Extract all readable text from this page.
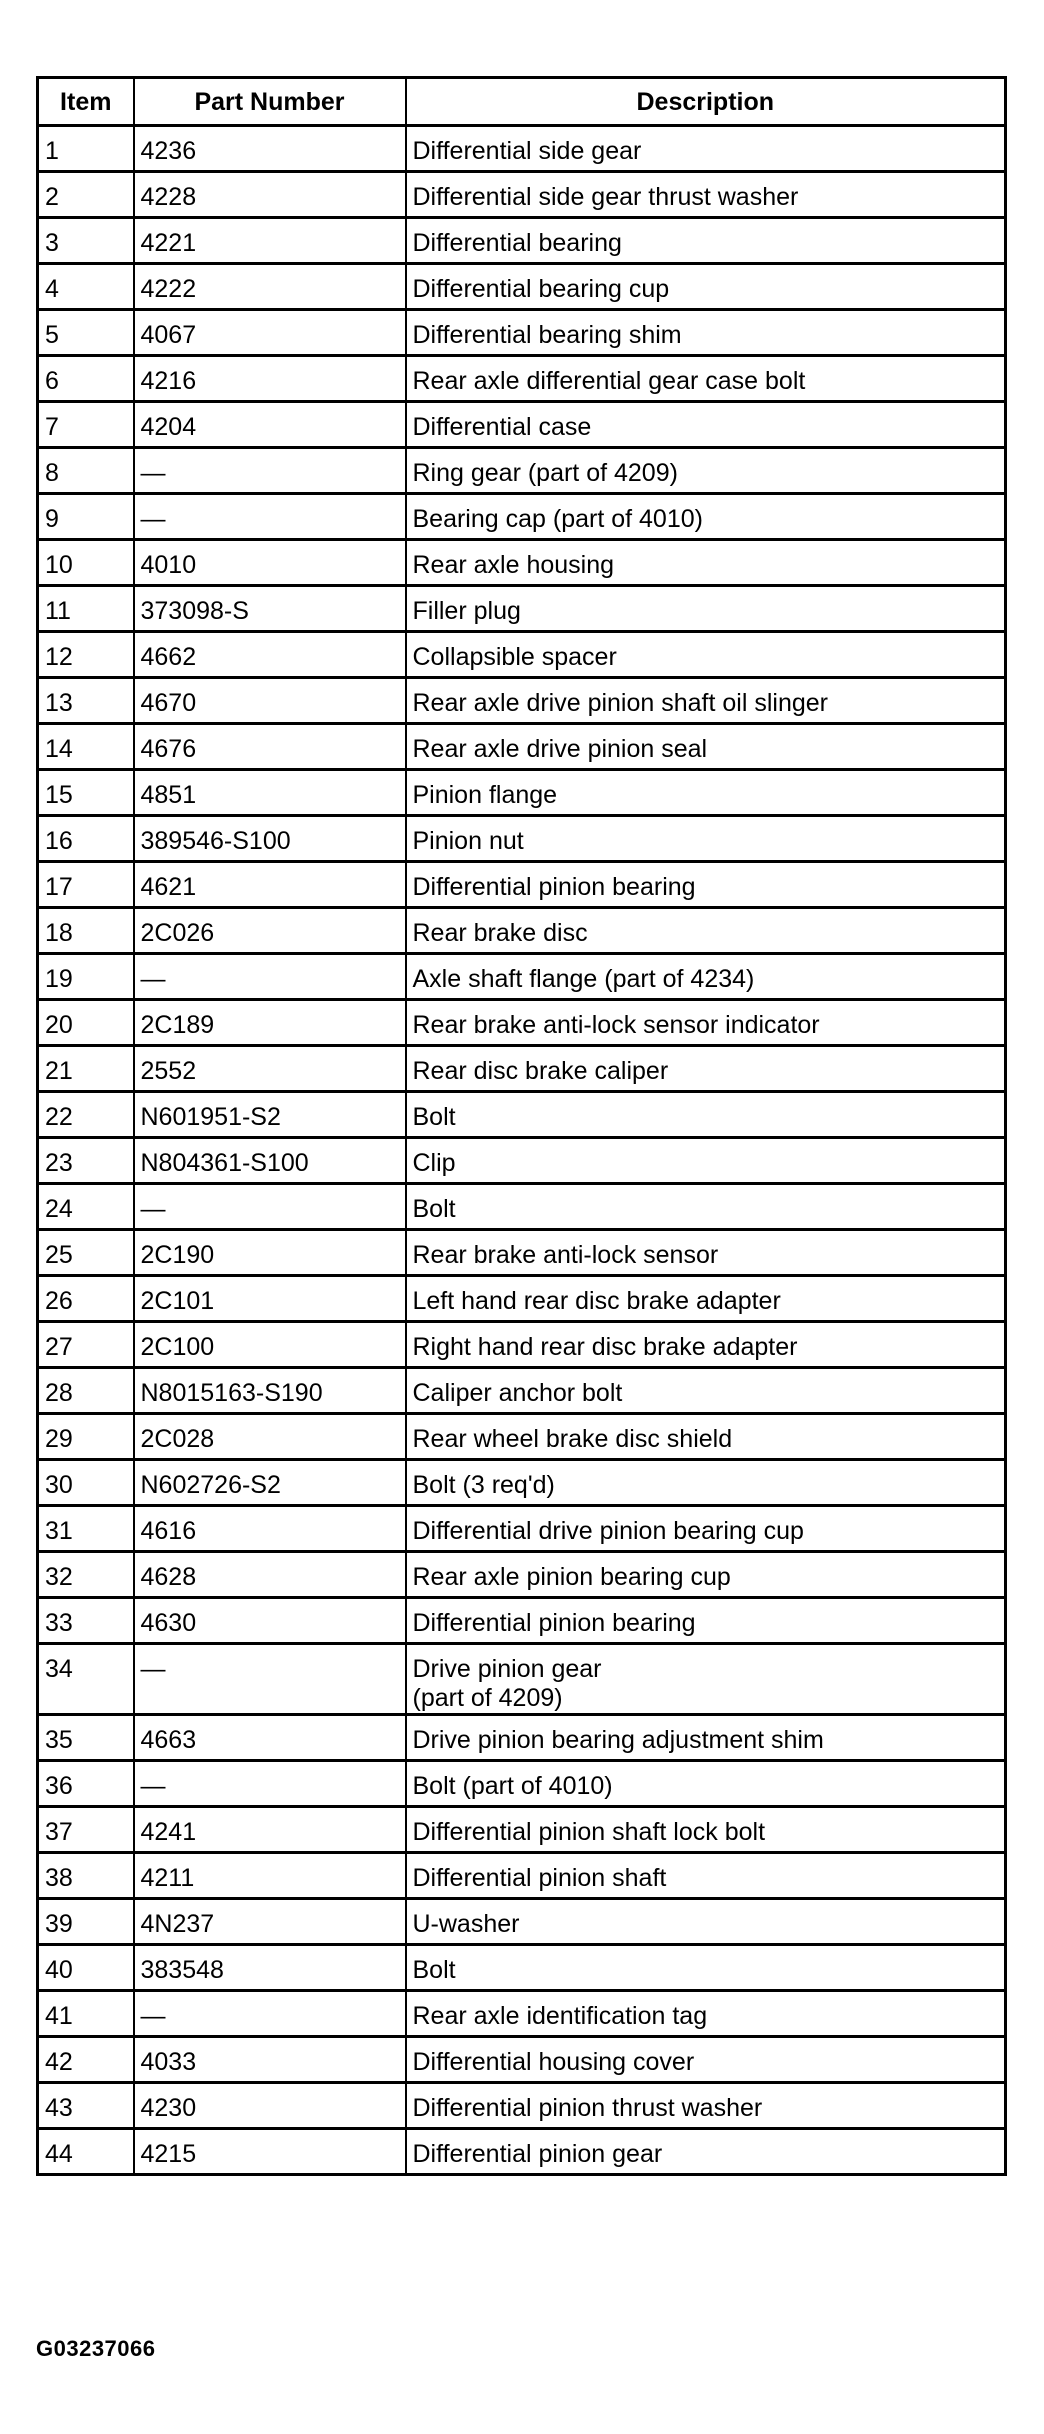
Item	Part Number	Description
1	4236	Differential side gear
2	4228	Differential side gear thrust washer
3	4221	Differential bearing
4	4222	Differential bearing cup
5	4067	Differential bearing shim
6	4216	Rear axle differential gear case bolt
7	4204	Differential case
8	—	Ring gear (part of 4209)
9	—	Bearing cap (part of 4010)
10	4010	Rear axle housing
11	373098-S	Filler plug
12	4662	Collapsible spacer
13	4670	Rear axle drive pinion shaft oil slinger
14	4676	Rear axle drive pinion seal
15	4851	Pinion flange
16	389546-S100	Pinion nut
17	4621	Differential pinion bearing
18	2C026	Rear brake disc
19	—	Axle shaft flange (part of 4234)
20	2C189	Rear brake anti-lock sensor indicator
21	2552	Rear disc brake caliper
22	N601951-S2	Bolt
23	N804361-S100	Clip
24	—	Bolt
25	2C190	Rear brake anti-lock sensor
26	2C101	Left hand rear disc brake adapter
27	2C100	Right hand rear disc brake adapter
28	N8015163-S190	Caliper anchor bolt
29	2C028	Rear wheel brake disc shield
30	N602726-S2	Bolt (3 req'd)
31	4616	Differential drive pinion bearing cup
32	4628	Rear axle pinion bearing cup
33	4630	Differential pinion bearing
34	—	Drive pinion gear
(part of 4209)
35	4663	Drive pinion bearing adjustment shim
36	—	Bolt (part of 4010)
37	4241	Differential pinion shaft lock bolt
38	4211	Differential pinion shaft
39	4N237	U-washer
40	383548	Bolt
41	—	Rear axle identification tag
42	4033	Differential housing cover
43	4230	Differential pinion thrust washer
44	4215	Differential pinion gear
G03237066
